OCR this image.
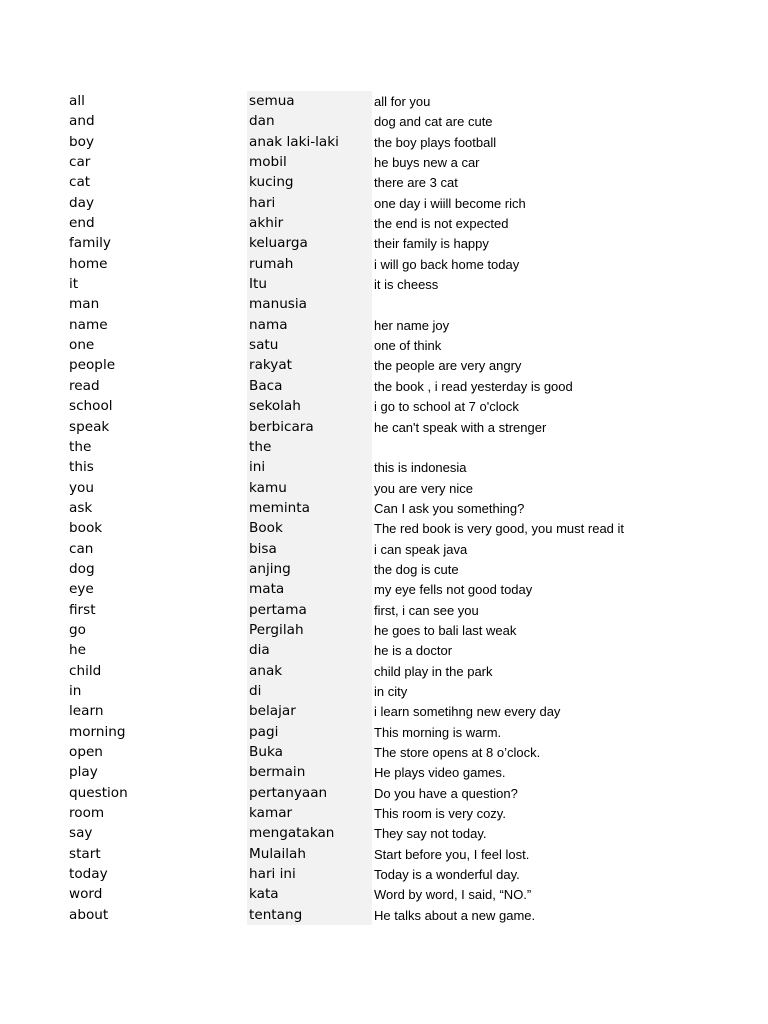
all	semua	all for you
and	dan	dog and cat are cute
boy	anak laki-laki	the boy plays football
car	mobil	he buys new a car
cat	kucing	there are 3 cat
day	hari	one day i wiill become rich
end	akhir	the end is not expected
family	keluarga	their family is happy
home	rumah	i will go back home today
it	Itu	it is cheess
man	manusia
name	nama	her name joy
one	satu	one of think
people	rakyat	the people are very angry
read	Baca	the book , i read yesterday is good
school	sekolah	i go to school at 7 o'clock
speak	berbicara	he can't speak with a strenger
the	the
this	ini	this is indonesia
you	kamu	you are very nice
ask	meminta	Can I ask you something?
book	Book	The red book is very good, you must read it
can	bisa	i can speak java
dog	anjing	the dog is cute
eye	mata	my eye fells not good today
first	pertama	first, i can see you
go	Pergilah	he goes to bali last weak
he	dia	he is a doctor
child	anak	child play in the park
in	di	in city
learn	belajar	i learn sometihng new every day
morning	pagi	This morning is warm.
open	Buka	The store opens at 8 o’clock.
play	bermain	He plays video games.
question	pertanyaan	Do you have a question?
room	kamar	This room is very cozy.
say	mengatakan	They say not today.
start	Mulailah	Start before you, I feel lost.
today	hari ini	Today is a wonderful day.
word	kata	Word by word, I said, “NO.”
about	tentang	He talks about a new game.
